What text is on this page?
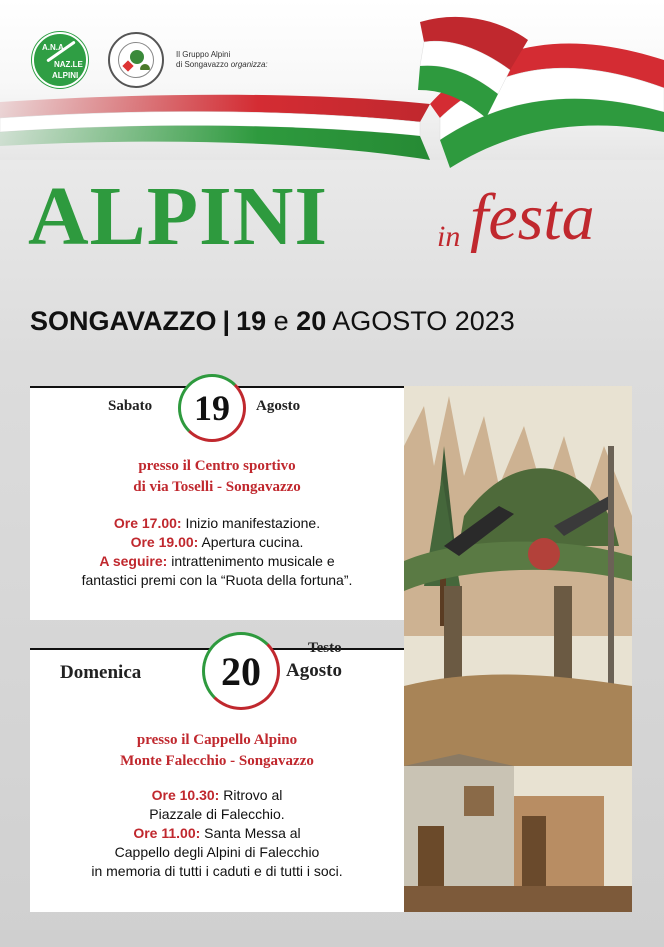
A.N.A.
NAZ.LE
ALPINI
Il Gruppo Alpini
di Songavazzo organizza:
ALPINI	in festa
SONGAVAZZO | 19 e 20 AGOSTO 2023
Sabato 19 Agosto
presso il Centro sportivo
di via Toselli - Songavazzo
Ore 17.00: Inizio manifestazione.
Ore 19.00: Apertura cucina.
A seguire: intrattenimento musicale e
fantastici premi con la “Ruota della fortuna”.
Domenica 20 Agosto
presso il Cappello Alpino
Monte Falecchio - Songavazzo
Ore 10.30: Ritrovo al
Piazzale di Falecchio.
Ore 11.00: Santa Messa al
Cappello degli Alpini di Falecchio
in memoria di tutti i caduti e di tutti i soci.
Testo
